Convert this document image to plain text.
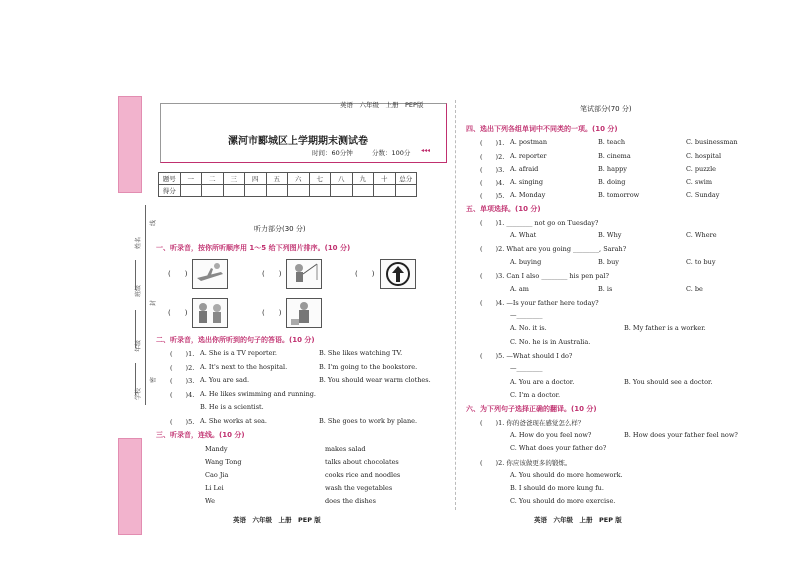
姓名
班级
年级
学校
线
封
密
英语　六年级　上册　PEP版
漯河市郾城区上学期期末测试卷
时间：60分钟	分数：100分 ◂◂◂
题号	一	二	三	四	五	六	七	八	九	十	总分
得分											
听力部分(30 分)
一、听录音，按你所听顺序用 1～5 给下列图片排序。(10 分)
(　　)	(　　)	(　　)
(　　)	(　　)
二、听录音，选出你所听到的句子的答语。(10 分)
(　　)1. A. She is a TV reporter.	B. She likes watching TV.
(　　)2. A. It's next to the hospital.	B. I'm going to the bookstore.
(　　)3. A. You are sad.	B. You should wear warm clothes.
(　　)4. A. He likes swimming and running.
B. He is a scientist.
(　　)5. A. She works at sea.	B. She goes to work by plane.
三、听录音，连线。(10 分)
Mandy
Wang Tong
Cao Jia
Li Lei
We
makes salad
talks about chocolates
cooks rice and noodles
wash the vegetables
does the dishes
英语　六年级　上册　PEP 版
笔试部分(70 分)
四、选出下列各组单词中不同类的一项。(10 分)
(　　)1. A. postman	B. teach	C. businessman
(　　)2. A. reporter	B. cinema	C. hospital
(　　)3. A. afraid	B. happy	C. puzzle
(　　)4. A. singing	B. doing	C. swim
(　　)5. A. Monday	B. tomorrow	C. Sunday
五、单项选择。(10 分)
(　　)1. ________ not go on Tuesday?
A. What	B. Why	C. Where
(　　)2. What are you going ________, Sarah?
A. buying	B. buy	C. to buy
(　　)3. Can I also ________ his pen pal?
A. am	B. is	C. be
(　　)4. —Is your father here today?
—________
A. No. it is.	B. My father is a worker.
C. No. he is in Australia.
(　　)5. —What should I do?
—________
A. You are a doctor.	B. You should see a doctor.
C. I'm a doctor.
六、为下列句子选择正确的翻译。(10 分)
(　　)1. 你的爸爸现在感觉怎么样？
A. How do you feel now?	B. How does your father feel now?
C. What does your father do?
(　　)2. 你应该做更多的锻炼。
A. You should do more homework.
B. I should do more kung fu.
C. You should do more exercise.
英语　六年级　上册　PEP 版
